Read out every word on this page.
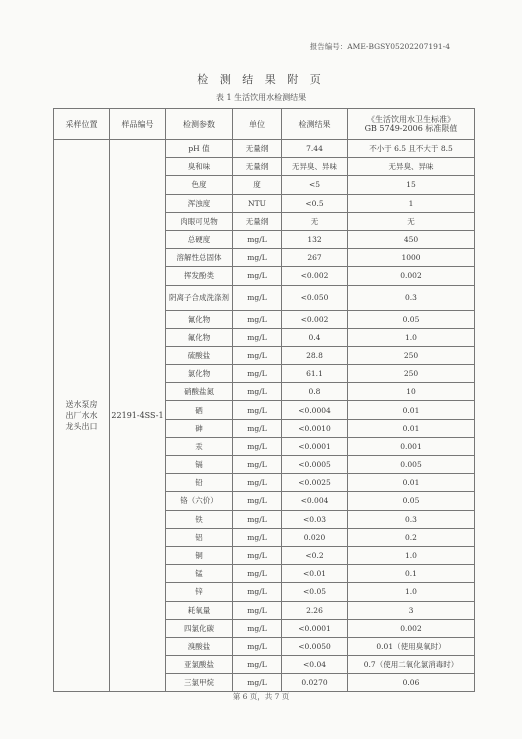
报告编号：AME-BGSY05202207191-4
检 测 结 果 附 页
表 1 生活饮用水检测结果
采样位置	样品编号	检测参数	单位	检测结果	《生活饮用水卫生标准》
GB 5749-2006 标准限值

送水泵房
出厂水水
龙头出口	22191-4SS-1	pH 值	无量纲	7.44	不小于 6.5 且不大于 8.5
		臭和味	无量纲	无异臭、异味	无异臭、异味
		色度	度	<5	15
		浑浊度	NTU	<0.5	1
		肉眼可见物	无量纲	无	无
		总硬度	mg/L	132	450
		溶解性总固体	mg/L	267	1000
		挥发酚类	mg/L	<0.002	0.002
		阴离子合成洗涤剂	mg/L	<0.050	0.3
		氰化物	mg/L	<0.002	0.05
		氟化物	mg/L	0.4	1.0
		硫酸盐	mg/L	28.8	250
		氯化物	mg/L	61.1	250
		硝酸盐氮	mg/L	0.8	10
		硒	mg/L	<0.0004	0.01
		砷	mg/L	<0.0010	0.01
		汞	mg/L	<0.0001	0.001
		镉	mg/L	<0.0005	0.005
		铅	mg/L	<0.0025	0.01
		铬（六价）	mg/L	<0.004	0.05
		铁	mg/L	<0.03	0.3
		铝	mg/L	0.020	0.2
		铜	mg/L	<0.2	1.0
		锰	mg/L	<0.01	0.1
		锌	mg/L	<0.05	1.0
		耗氧量	mg/L	2.26	3
		四氯化碳	mg/L	<0.0001	0.002
		溴酸盐	mg/L	<0.0050	0.01（使用臭氧时）
		亚氯酸盐	mg/L	<0.04	0.7（使用二氧化氯消毒时）
		三氯甲烷	mg/L	0.0270	0.06
第 6 页，共 7 页
